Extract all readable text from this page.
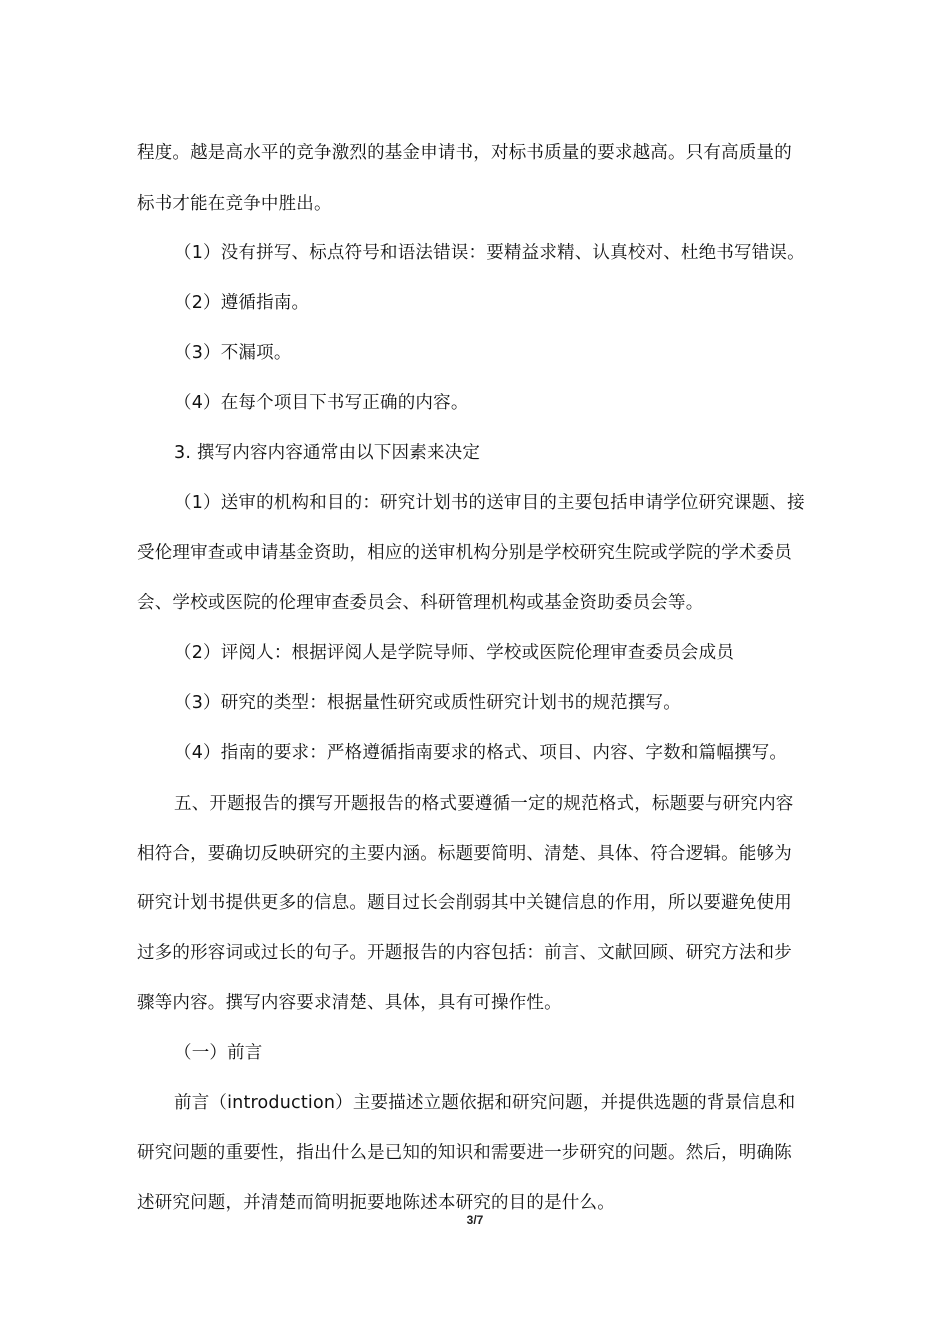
程度。越是高水平的竞争激烈的基金申请书，对标书质量的要求越高。只有高质量的
标书才能在竞争中胜出。
（1）没有拼写、标点符号和语法错误：要精益求精、认真校对、杜绝书写错误。
（2）遵循指南。
（3）不漏项。
（4）在每个项目下书写正确的内容。
3. 撰写内容内容通常由以下因素来决定
（1）送审的机构和目的：研究计划书的送审目的主要包括申请学位研究课题、接
受伦理审查或申请基金资助，相应的送审机构分别是学校研究生院或学院的学术委员
会、学校或医院的伦理审查委员会、科研管理机构或基金资助委员会等。
（2）评阅人：根据评阅人是学院导师、学校或医院伦理审查委员会成员
（3）研究的类型：根据量性研究或质性研究计划书的规范撰写。
（4）指南的要求：严格遵循指南要求的格式、项目、内容、字数和篇幅撰写。
五、开题报告的撰写开题报告的格式要遵循一定的规范格式，标题要与研究内容
相符合，要确切反映研究的主要内涵。标题要简明、清楚、具体、符合逻辑。能够为
研究计划书提供更多的信息。题目过长会削弱其中关键信息的作用，所以要避免使用
过多的形容词或过长的句子。开题报告的内容包括：前言、文献回顾、研究方法和步
骤等内容。撰写内容要求清楚、具体，具有可操作性。
（一）前言
前言（introduction）主要描述立题依据和研究问题，并提供选题的背景信息和
研究问题的重要性，指出什么是已知的知识和需要进一步研究的问题。然后，明确陈
述研究问题，并清楚而简明扼要地陈述本研究的目的是什么。
3/7
